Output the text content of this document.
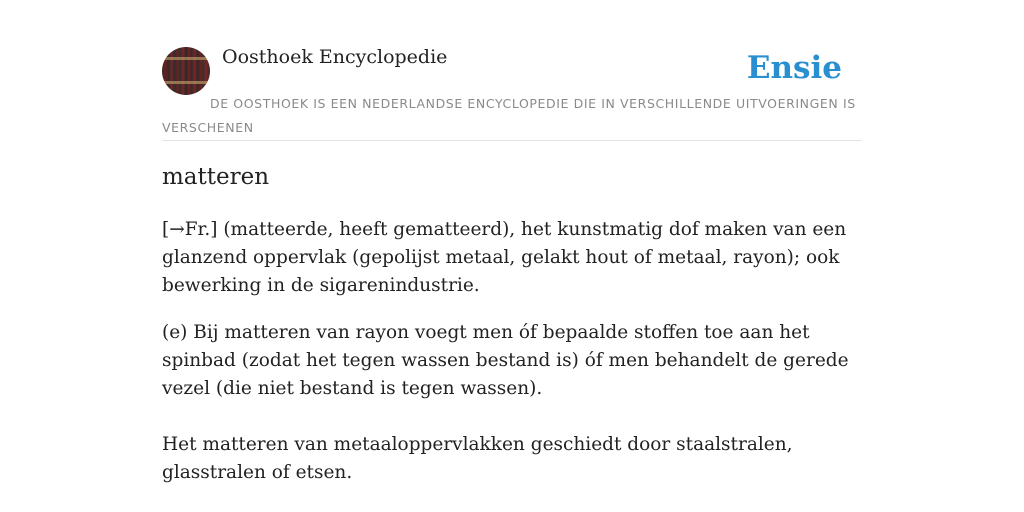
Oosthoek Encyclopedie	Ensie
DE OOSTHOEK IS EEN NEDERLANDSE ENCYCLOPEDIE DIE IN VERSCHILLENDE UITVOERINGEN IS VERSCHENEN
matteren

[→Fr.] (matteerde, heeft gematteerd), het kunstmatig dof maken van een glanzend oppervlak (gepolijst metaal, gelakt hout of metaal, rayon); ook bewerking in de sigarenindustrie.

(e) Bij matteren van rayon voegt men óf bepaalde stoffen toe aan het spinbad (zodat het tegen wassen bestand is) óf men behandelt de gerede vezel (die niet bestand is tegen wassen).

Het matteren van metaaloppervlakken geschiedt door staalstralen, glasstralen of etsen.
